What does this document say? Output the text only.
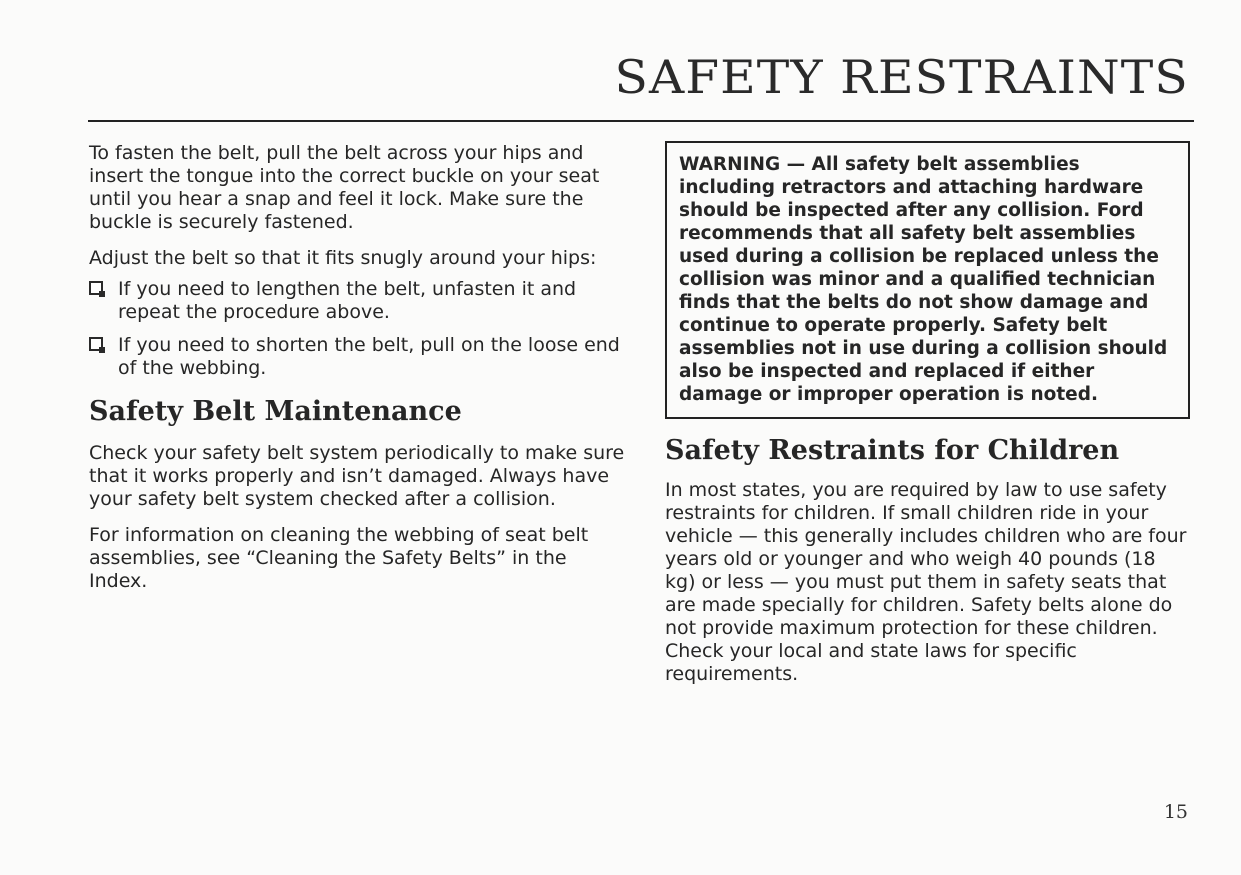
SAFETY RESTRAINTS

To fasten the belt, pull the belt across your hips and insert the tongue into the correct buckle on your seat until you hear a snap and feel it lock. Make sure the buckle is securely fastened.

Adjust the belt so that it fits snugly around your hips:

If you need to lengthen the belt, unfasten it and repeat the procedure above.
If you need to shorten the belt, pull on the loose end of the webbing.
Safety Belt Maintenance

Check your safety belt system periodically to make sure that it works properly and isn’t damaged. Always have your safety belt system checked after a collision.

For information on cleaning the webbing of seat belt assemblies, see “Cleaning the Safety Belts” in the Index.

WARNING — All safety belt assemblies including retractors and attaching hardware should be inspected after any collision. Ford recommends that all safety belt assemblies used during a collision be replaced unless the collision was minor and a qualified technician finds that the belts do not show damage and continue to operate properly. Safety belt assemblies not in use during a collision should also be inspected and replaced if either damage or improper operation is noted.
Safety Restraints for Children

In most states, you are required by law to use safety restraints for children. If small children ride in your vehicle — this generally includes children who are four years old or younger and who weigh 40 pounds (18 kg) or less — you must put them in safety seats that are made specially for children. Safety belts alone do not provide maximum protection for these children. Check your local and state laws for specific requirements.

15
